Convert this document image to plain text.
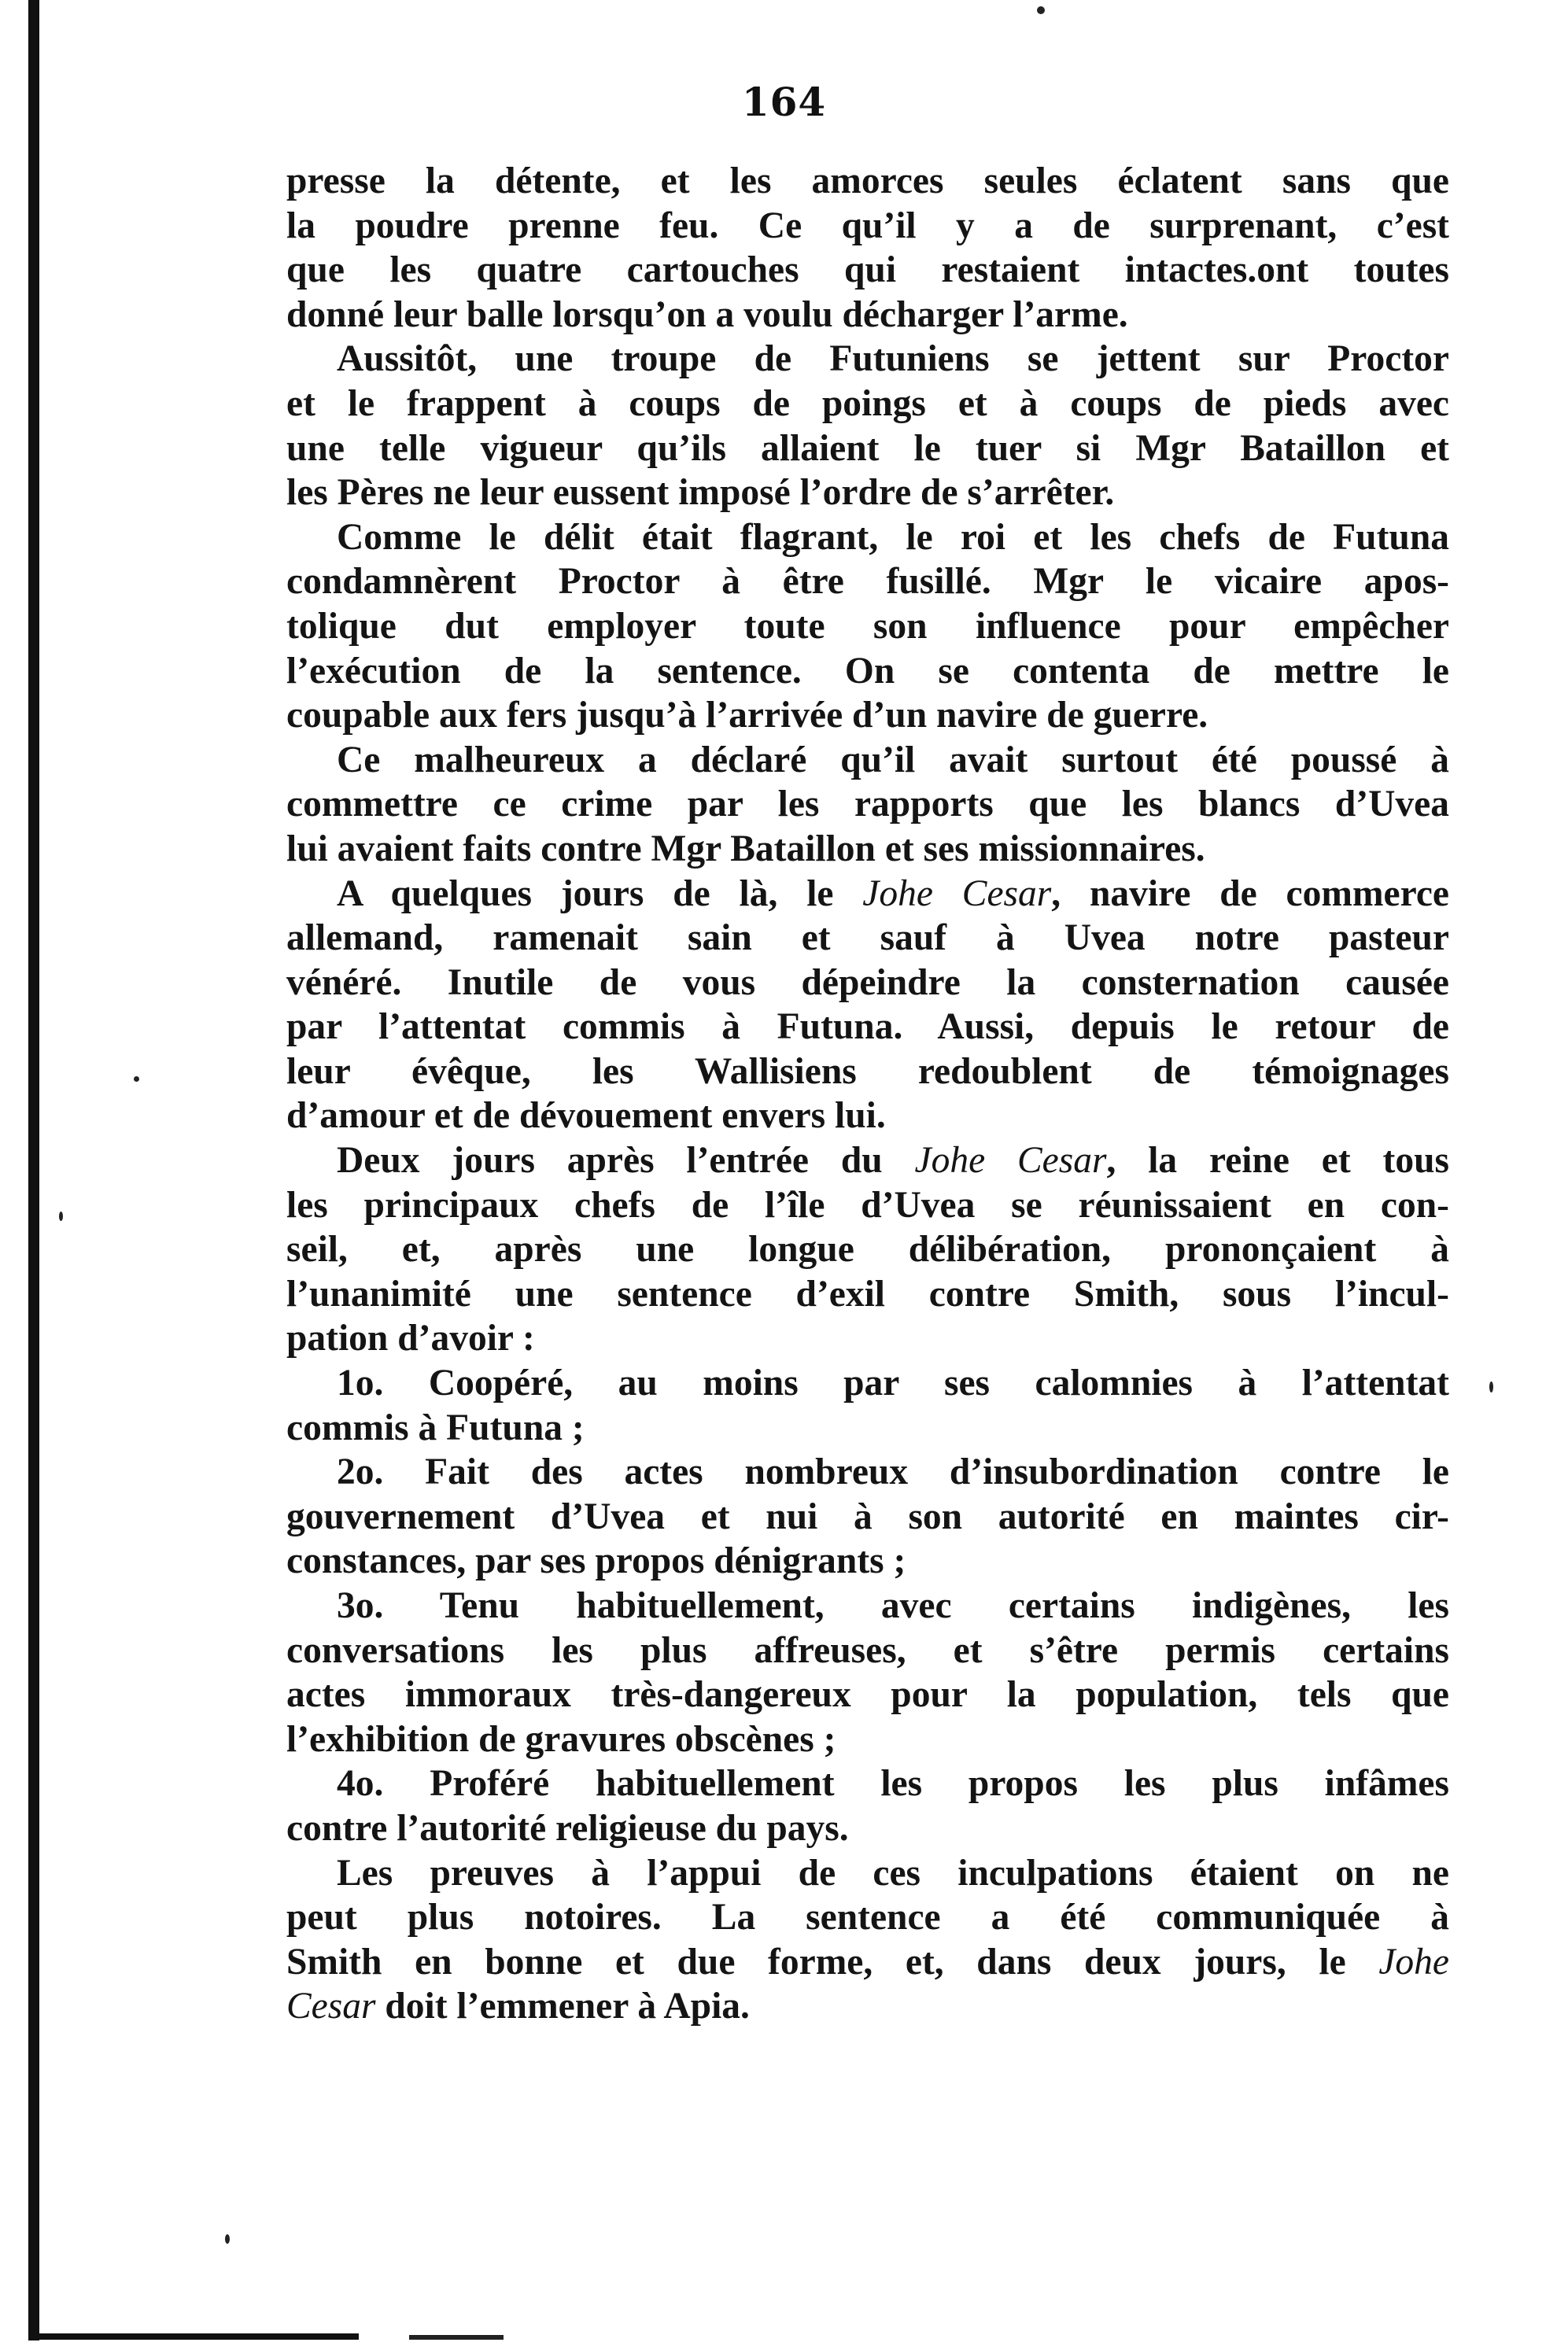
164
presse la détente, et les amorces seules éclatent sans que
la poudre prenne feu. Ce qu’il y a de surprenant, c’est
que les quatre cartouches qui restaient intactes.ont toutes
donné leur balle lorsqu’on a voulu décharger l’arme.
Aussitôt, une troupe de Futuniens se jettent sur Proctor
et le frappent à coups de poings et à coups de pieds avec
une telle vigueur qu’ils allaient le tuer si Mgr Bataillon et
les Pères ne leur eussent imposé l’ordre de s’arrêter.
Comme le délit était flagrant, le roi et les chefs de Futuna
condamnèrent Proctor à être fusillé. Mgr le vicaire apos-
tolique dut employer toute son influence pour empêcher
l’exécution de la sentence. On se contenta de mettre le
coupable aux fers jusqu’à l’arrivée d’un navire de guerre.
Ce malheureux a déclaré qu’il avait surtout été poussé à
commettre ce crime par les rapports que les blancs d’Uvea
lui avaient faits contre Mgr Bataillon et ses missionnaires.
A quelques jours de là, le Johe Cesar, navire de commerce
allemand, ramenait sain et sauf à Uvea notre pasteur
vénéré. Inutile de vous dépeindre la consternation causée
par l’attentat commis à Futuna. Aussi, depuis le retour de
leur évêque, les Wallisiens redoublent de témoignages
d’amour et de dévouement envers lui.
Deux jours après l’entrée du Johe Cesar, la reine et tous
les principaux chefs de l’île d’Uvea se réunissaient en con-
seil, et, après une longue délibération, prononçaient à
l’unanimité une sentence d’exil contre Smith, sous l’incul-
pation d’avoir :
1o. Coopéré, au moins par ses calomnies à l’attentat
commis à Futuna ;
2o. Fait des actes nombreux d’insubordination contre le
gouvernement d’Uvea et nui à son autorité en maintes cir-
constances, par ses propos dénigrants ;
3o. Tenu habituellement, avec certains indigènes, les
conversations les plus affreuses, et s’être permis certains
actes immoraux très-dangereux pour la population, tels que
l’exhibition de gravures obscènes ;
4o. Proféré habituellement les propos les plus infâmes
contre l’autorité religieuse du pays.
Les preuves à l’appui de ces inculpations étaient on ne
peut plus notoires. La sentence a été communiquée à
Smith en bonne et due forme, et, dans deux jours, le Johe
Cesar doit l’emmener à Apia.
